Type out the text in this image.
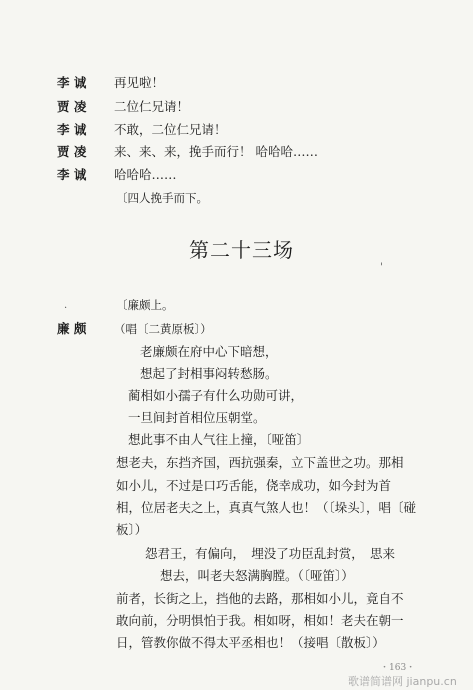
李 诚 再见啦！
贾 凌 二位仁兄请！
李 诚 不敢，二位仁兄请！
贾 凌 来、来、来，挽手而行！ 哈哈哈……
李 诚 哈哈哈……
〔四人挽手而下。
第二十三场
'
.	〔廉颇上。
廉 颇 （唱〔二黄原板〕）
老廉颇在府中心下暗想，
想起了封相事闷转愁肠。
蔺相如小孺子有什么功勋可讲，
一旦间封首相位压朝堂。
想此事不由人气往上撞，〔哑笛〕
想老夫，东挡齐国，西抗强秦，立下盖世之功。那相
如小儿，不过是口巧舌能，侥幸成功，如今封为首
相，位居老夫之上，真真气煞人也！（〔垛头〕，唱〔碰
板〕）
怨君王，有偏向，　埋没了功臣乱封赏，　思来
想去，叫老夫怒满胸膛。（〔哑笛〕）
前者，长街之上，挡他的去路，那相如小儿，竟自不
敢向前，分明惧怕于我。相如呀，相如！老夫在朝一
日，管教你做不得太平丞相也！（接唱〔散板〕）
・163・
歌谱简谱网 jianpu.cn
